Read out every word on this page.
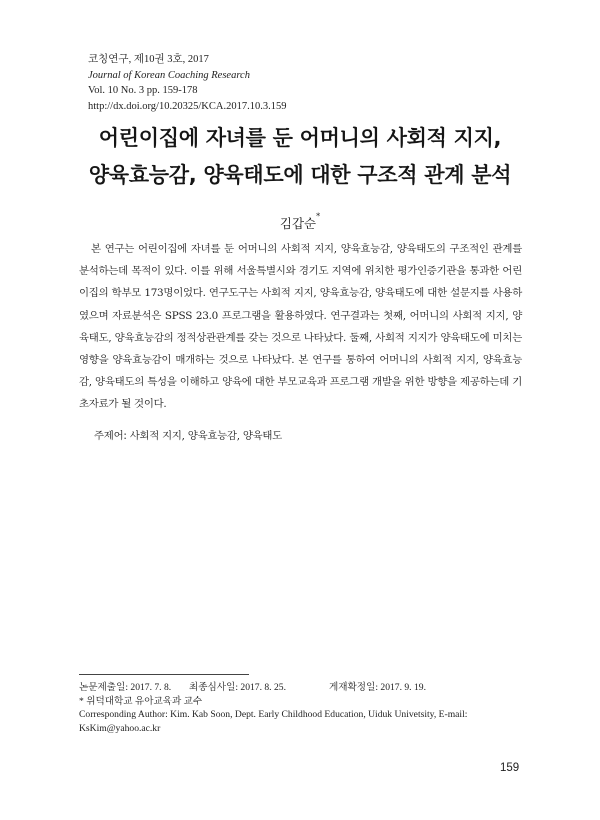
코칭연구, 제10권 3호, 2017
Journal of Korean Coaching Research
Vol. 10 No. 3 pp. 159-178
http://dx.doi.org/10.20325/KCA.2017.10.3.159
어린이집에 자녀를 둔 어머니의 사회적 지지,
양육효능감, 양육태도에 대한 구조적 관계 분석
김갑순*
본 연구는 어린이집에 자녀를 둔 어머니의 사회적 지지, 양육효능감, 양육태도의 구조적인 관계를 분석하는데 목적이 있다. 이를 위해 서울특별시와 경기도 지역에 위치한 평가인증기관을 통과한 어린이집의 학부모 173명이었다. 연구도구는 사회적 지지, 양육효능감, 양육태도에 대한 설문지를 사용하였으며 자료분석은 SPSS 23.0 프로그램을 활용하였다. 연구결과는 첫째, 어머니의 사회적 지지, 양육태도, 양육효능감의 정적상관관계를 갖는 것으로 나타났다. 둘째, 사회적 지지가 양육태도에 미치는 영향을 양육효능감이 매개하는 것으로 나타났다. 본 연구를 통하여 어머니의 사회적 지지, 양육효능감, 양육태도의 특성을 이해하고 양육에 대한 부모교육과 프로그램 개발을 위한 방향을 제공하는데 기초자료가 될 것이다.
주제어: 사회적 지지, 양육효능감, 양육태도
논문제출일: 2017. 7. 8. 최종심사일: 2017. 8. 25.	게재확정일: 2017. 9. 19.
* 위덕대학교 유아교육과 교수
Corresponding Author: Kim. Kab Soon, Dept. Early Childhood Education, Uiduk Univetsity, E-mail:
KsKim@yahoo.ac.kr
159
